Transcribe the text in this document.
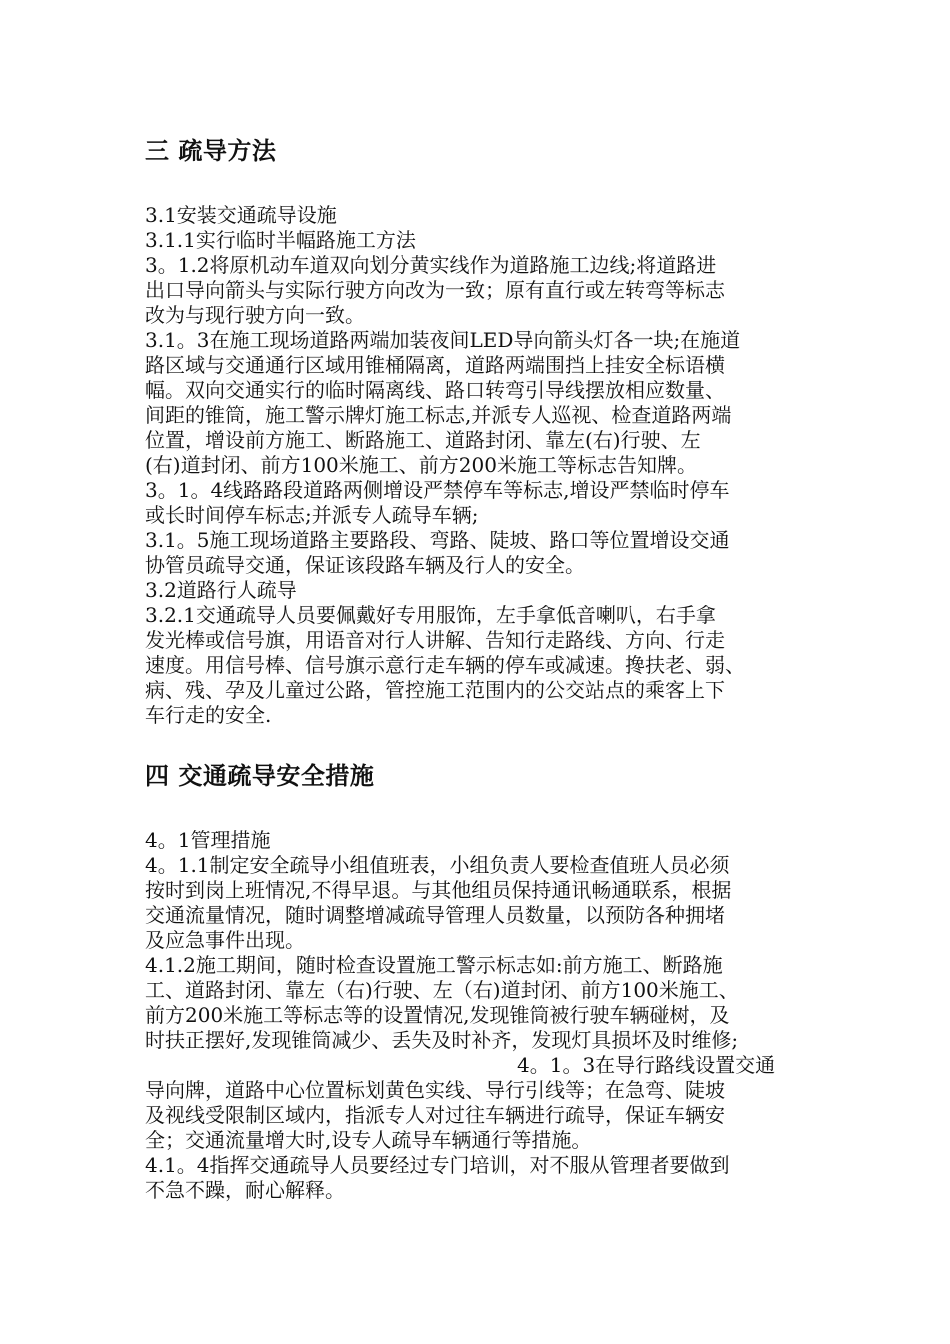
三 疏导方法
3.1安装交通疏导设施
3.1.1实行临时半幅路施工方法
3。1.2将原机动车道双向划分黄实线作为道路施工边线;将道路进
出口导向箭头与实际行驶方向改为一致；原有直行或左转弯等标志
改为与现行驶方向一致。
3.1。3在施工现场道路两端加装夜间LED导向箭头灯各一块;在施道
路区域与交通通行区域用锥桶隔离，道路两端围挡上挂安全标语横
幅。双向交通实行的临时隔离线、路口转弯引导线摆放相应数量、
间距的锥筒，施工警示牌灯施工标志,并派专人巡视、检查道路两端
位置，增设前方施工、断路施工、道路封闭、靠左(右)行驶、左
(右)道封闭、前方100米施工、前方200米施工等标志告知牌。
3。1。4线路路段道路两侧增设严禁停车等标志,增设严禁临时停车
或长时间停车标志;并派专人疏导车辆;
3.1。5施工现场道路主要路段、弯路、陡坡、路口等位置增设交通
协管员疏导交通，保证该段路车辆及行人的安全。
3.2道路行人疏导
3.2.1交通疏导人员要佩戴好专用服饰，左手拿低音喇叭，右手拿
发光棒或信号旗，用语音对行人讲解、告知行走路线、方向、行走
速度。用信号棒、信号旗示意行走车辆的停车或减速。搀扶老、弱、
病、残、孕及儿童过公路，管控施工范围内的公交站点的乘客上下
车行走的安全.
四 交通疏导安全措施
4。1管理措施
4。1.1制定安全疏导小组值班表，小组负责人要检查值班人员必须
按时到岗上班情况,不得早退。与其他组员保持通讯畅通联系，根据
交通流量情况，随时调整增减疏导管理人员数量，以预防各种拥堵
及应急事件出现。
4.1.2施工期间，随时检查设置施工警示标志如:前方施工、断路施
工、道路封闭、靠左（右)行驶、左（右)道封闭、前方100米施工、
前方200米施工等标志等的设置情况,发现锥筒被行驶车辆碰树，及
时扶正摆好,发现锥筒减少、丢失及时补齐，发现灯具损坏及时维修;
4。1。3在导行路线设置交通
导向牌，道路中心位置标划黄色实线、导行引线等；在急弯、陡坡
及视线受限制区域内，指派专人对过往车辆进行疏导，保证车辆安
全；交通流量增大时,设专人疏导车辆通行等措施。
4.1。4指挥交通疏导人员要经过专门培训，对不服从管理者要做到
不急不躁，耐心解释。
